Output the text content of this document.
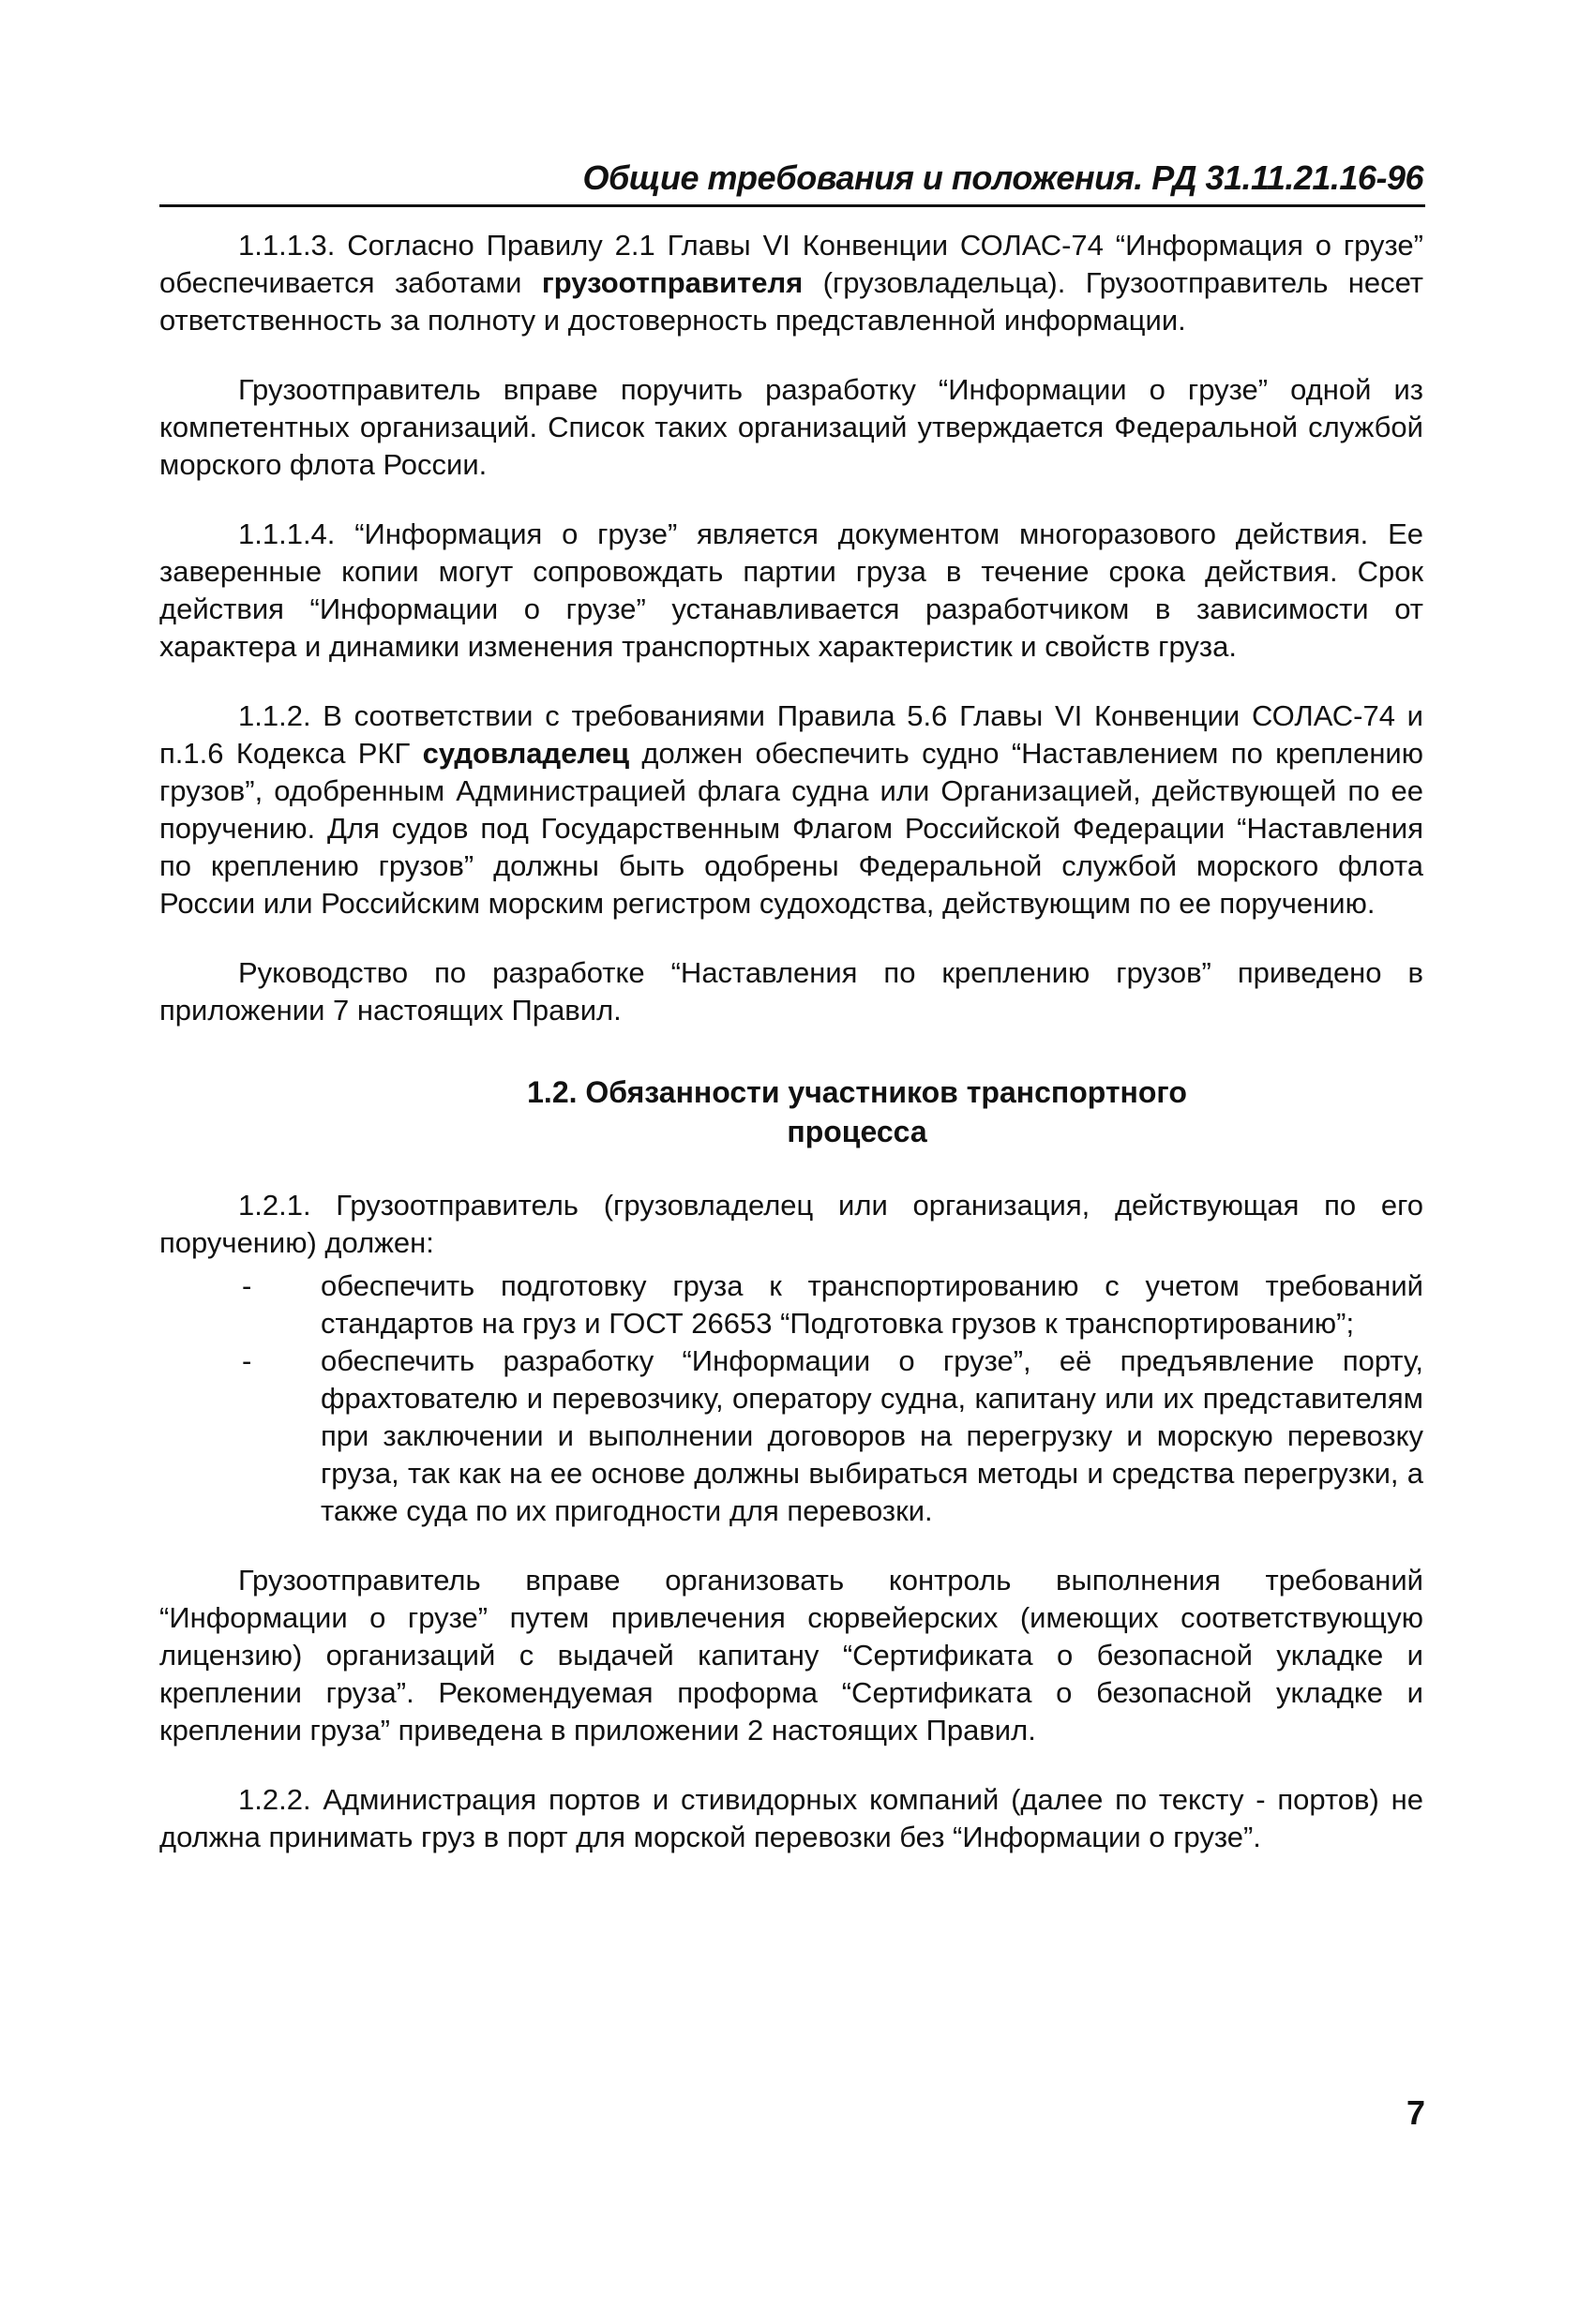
Общие требования и положения. РД 31.11.21.16-96

1.1.1.3. Согласно Правилу 2.1 Главы VI Конвенции СОЛАС-74 “Информация о грузе” обеспечивается заботами грузоотправителя (грузовладельца). Грузоотправитель несет ответственность за полноту и достоверность представленной информации.

Грузоотправитель вправе поручить разработку “Информации о грузе” одной из компетентных организаций. Список таких организаций утверждается Федеральной службой морского флота России.

1.1.1.4. “Информация о грузе” является документом многоразового действия. Ее заверенные копии могут сопровождать партии груза в течение срока действия. Срок действия “Информации о грузе” устанавливается разработчиком в зависимости от характера и динамики изменения транспортных характеристик и свойств груза.

1.1.2. В соответствии с требованиями Правила 5.6 Главы VI Конвенции СОЛАС-74 и п.1.6 Кодекса РКГ судовладелец должен обеспечить судно “Наставлением по креплению грузов”, одобренным Администрацией флага судна или Организацией, действующей по ее поручению. Для судов под Государственным Флагом Российской Федерации “Наставления по креплению грузов” должны быть одобрены Федеральной службой морского флота России или Российским морским регистром судоходства, действующим по ее поручению.

Руководство по разработке “Наставления по креплению грузов” приведено в приложении 7 настоящих Правил.

1.2. Обязанности участников транспортного
процесса

1.2.1. Грузоотправитель (грузовладелец или организация, действующая по его поручению) должен:

- обеспечить подготовку груза к транспортированию с учетом требований стандартов на груз и ГОСТ 26653 “Подготовка грузов к транспортированию”;
- обеспечить разработку “Информации о грузе”, её предъявление порту, фрахтователю и перевозчику, оператору судна, капитану или их представителям при заключении и выполнении договоров на перегрузку и морскую перевозку груза, так как на ее основе должны выбираться методы и средства перегрузки, а также суда по их пригодности для перевозки.

Грузоотправитель вправе организовать контроль выполнения требований “Информации о грузе” путем привлечения сюрвейерских (имеющих соответствующую лицензию) организаций с выдачей капитану “Сертификата о безопасной укладке и креплении груза”. Рекомендуемая проформа “Сертификата о безопасной укладке и креплении груза” приведена в приложении 2 настоящих Правил.

1.2.2. Администрация портов и стивидорных компаний (далее по тексту - портов) не должна принимать груз в порт для морской перевозки без “Информации о грузе”.

7
